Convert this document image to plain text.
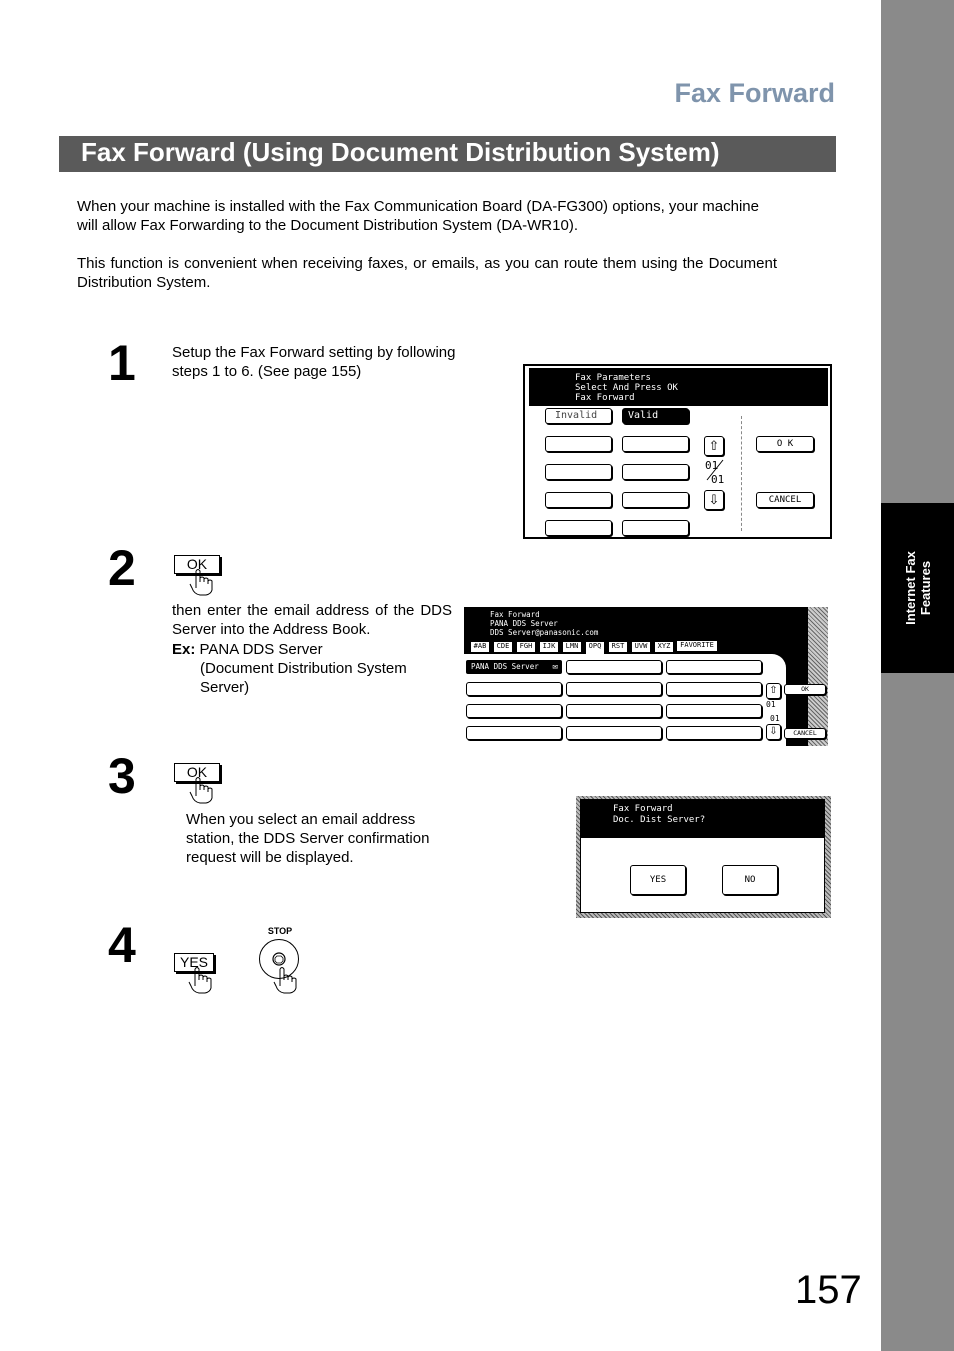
Internet Fax Features
Fax Forward
Fax Forward (Using Document Distribution System)
When your machine is installed with the Fax Communication Board (DA-FG300) options, your machine will allow Fax Forwarding to the Document Distribution System (DA-WR10).
This function is convenient when receiving faxes, or emails, as you can route them using the Document Distribution System.
1 Setup the Fax Forward setting by following steps 1 to 6. (See page 155)	Fax Parameters
Select And Press OK
Fax Forward
Invalid	Valid
⇧
01
01
⇩
O K
CANCEL
2	OK
then enter the email address of the DDS Server into the Address Book.
Ex: PANA DDS Server
(Document Distribution System Server)
Fax Forward
PANA DDS Server
DDS Server@panasonic.com
#AB	CDE	FGH	IJK	LMN	OPQ	RST	UVW	XYZ	FAVORITE
PANA DDS Server ✉
⇧
01
01
⇩
OK
CANCEL
3	OK
When you select an email address station, the DDS Server confirmation request will be displayed.
Fax Forward
Doc. Dist Server?
YES	NO
4	YES
STOP
157
